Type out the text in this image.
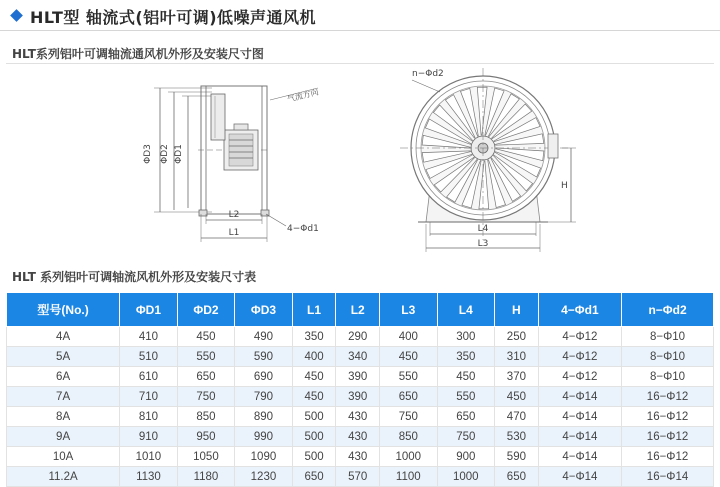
HLT型 轴流式(铝叶可调)低噪声通风机
HLT系列铝叶可调轴流通风机外形及安装尺寸图
ΦD3 ΦD2 ΦD1
L2
L1	4−Φd1
气流方向
n−Φd2
L4
L3
H
HLT 系列铝叶可调轴流风机外形及安装尺寸表
型号(No.)	ΦD1	ΦD2	ΦD3	L1	L2	L3	L4	H	4−Φd1	n−Φd2
4A	410	450	490	350	290	400	300	250	4−Φ12	8−Φ10
5A	510	550	590	400	340	450	350	310	4−Φ12	8−Φ10
6A	610	650	690	450	390	550	450	370	4−Φ12	8−Φ10
7A	710	750	790	450	390	650	550	450	4−Φ14	16−Φ12
8A	810	850	890	500	430	750	650	470	4−Φ14	16−Φ12
9A	910	950	990	500	430	850	750	530	4−Φ14	16−Φ12
10A	1010	1050	1090	500	430	1000	900	590	4−Φ14	16−Φ12
11.2A	1130	1180	1230	650	570	1100	1000	650	4−Φ14	16−Φ14
